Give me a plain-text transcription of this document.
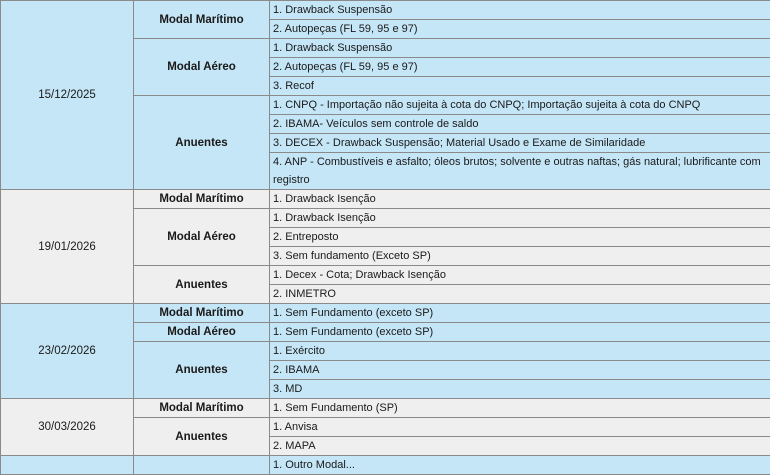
15/12/2025	Modal Marítimo	1. Drawback Suspensão
		2. Autopeças (FL 59, 95 e 97)
	Modal Aéreo	1. Drawback Suspensão
		2. Autopeças (FL 59, 95 e 97)
		3. Recof
	Anuentes	1. CNPQ - Importação não sujeita à cota do CNPQ; Importação sujeita à cota do CNPQ
		2. IBAMA- Veículos sem controle de saldo
		3. DECEX - Drawback Suspensão; Material Usado e Exame de Similaridade
		4. ANP - Combustíveis e asfalto; óleos brutos; solvente e outras naftas; gás natural; lubrificante com registro
19/01/2026	Modal Marítimo	1. Drawback Isenção
	Modal Aéreo	1. Drawback Isenção
		2. Entreposto
		3. Sem fundamento (Exceto SP)
	Anuentes	1. Decex - Cota; Drawback Isenção
		2. INMETRO
23/02/2026	Modal Marítimo	1. Sem Fundamento (exceto SP)
	Modal Aéreo	1. Sem Fundamento (exceto SP)
	Anuentes	1. Exército
		2. IBAMA
		3. MD
30/03/2026	Modal Marítimo	1. Sem Fundamento (SP)
	Anuentes	1. Anvisa
		2. MAPA
		1. Outro Modal...
